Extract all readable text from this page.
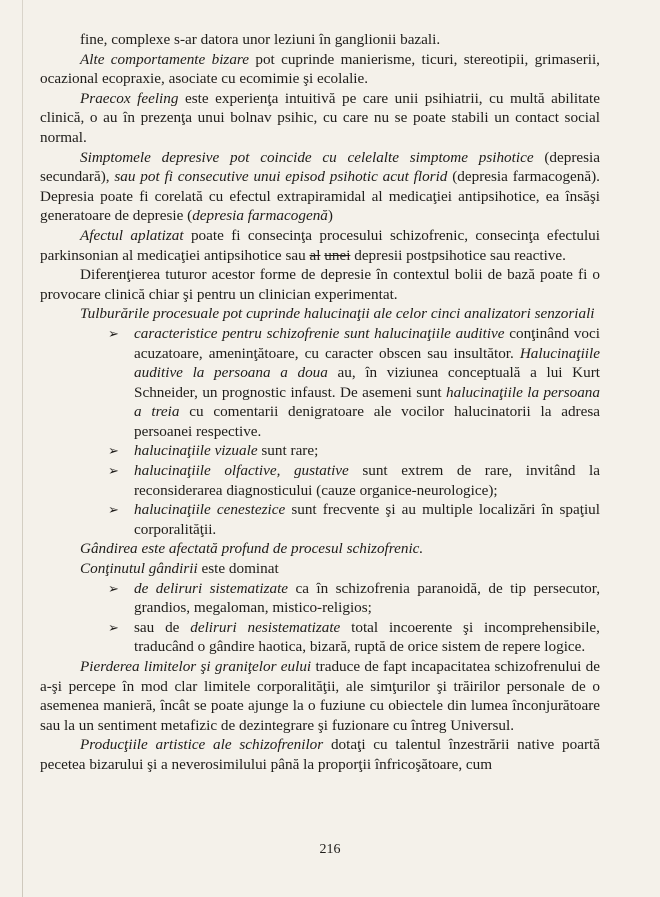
fine, complexe s-ar datora unor leziuni în ganglionii bazali.

Alte comportamente bizare pot cuprinde manierisme, ticuri, stereotipii, grimaserii, ocazional ecopraxie, asociate cu ecomimie şi ecolalie.

Praecox feeling este experienţa intuitivă pe care unii psihiatrii, cu multă abilitate clinică, o au în prezenţa unui bolnav psihic, cu care nu se poate stabili un contact social normal.

Simptomele depresive pot coincide cu celelalte simptome psihotice (depresia secundară), sau pot fi consecutive unui episod psihotic acut florid (depresia farmacogenă). Depresia poate fi corelată cu efectul extrapiramidal al medicaţiei antipsihotice, ea însăşi generatoare de depresie (depresia farmacogenă)

Afectul aplatizat poate fi consecinţa procesului schizofrenic, consecinţa efectului parkinsonian al medicaţiei antipsihotice sau al unei depresii postpsihotice sau reactive.

Diferenţierea tuturor acestor forme de depresie în contextul bolii de bază poate fi o provocare clinică chiar şi pentru un clinician experimentat.

Tulburările procesuale pot cuprinde halucinaţii ale celor cinci analizatori senzoriali

➢ caracteristice pentru schizofrenie sunt halucinaţiile auditive conţinând voci acuzatoare, ameninţătoare, cu caracter obscen sau insultător. Halucinaţiile auditive la persoana a doua au, în viziunea conceptuală a lui Kurt Schneider, un prognostic infaust. De asemeni sunt halucinaţiile la persoana a treia cu comentarii denigratoare ale vocilor halucinatorii la adresa persoanei respective.
➢ halucinaţiile vizuale sunt rare;
➢ halucinaţiile olfactive, gustative sunt extrem de rare, invitând la reconsiderarea diagnosticului (cauze organice-neurologice);
➢ halucinaţiile cenestezice sunt frecvente şi au multiple localizări în spaţiul corporalităţii.

Gândirea este afectată profund de procesul schizofrenic.

Conţinutul gândirii este dominat

➢ de deliruri sistematizate ca în schizofrenia paranoidă, de tip persecutor, grandios, megaloman, mistico-religios;
➢ sau de deliruri nesistematizate total incoerente şi incomprehensibile, traducând o gândire haotica, bizară, ruptă de orice sistem de repere logice.

Pierderea limitelor şi graniţelor eului traduce de fapt incapacitatea schizofrenului de a-şi percepe în mod clar limitele corporalităţii, ale simţurilor şi trăirilor personale de o asemenea manieră, încât se poate ajunge la o fuziune cu obiectele din lumea înconjurătoare sau la un sentiment metafizic de dezintegrare şi fuzionare cu întreg Universul.

Producţiile artistice ale schizofrenilor dotaţi cu talentul înzestrării native poartă pecetea bizarului şi a neverosimilului până la proporţii înfricoşătoare, cum

216
